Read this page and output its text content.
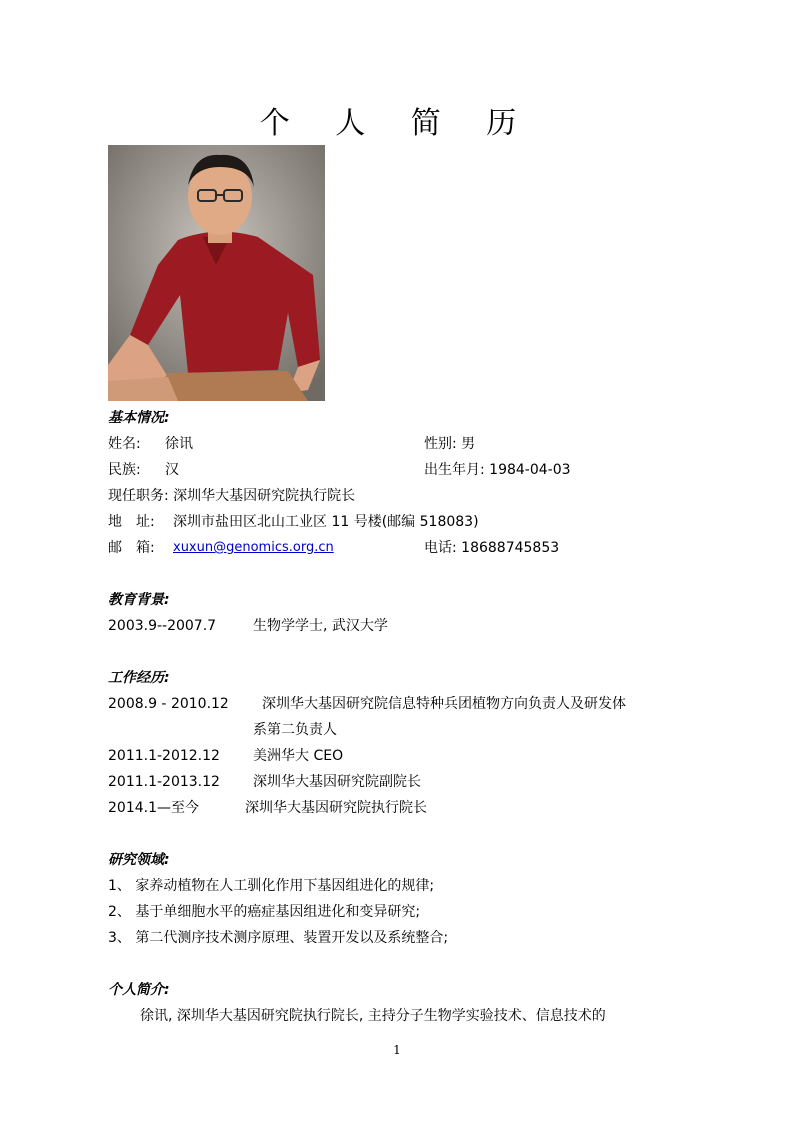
个 人 简 历
基本情况:
姓名: 徐讯	性别: 男
民族: 汉	出生年月: 1984-04-03
现任职务: 深圳华大基因研究院执行院长
地　址: 深圳市盐田区北山工业区 11 号楼(邮编 518083)
邮　箱: xuxun@genomics.org.cn	电话: 18688745853
教育背景:
2003.9--2007.7	生物学学士, 武汉大学
工作经历:
2008.9 - 2010.12 深圳华大基因研究院信息特种兵团植物方向负责人及研发体
系第二负责人
2011.1-2012.12 美洲华大 CEO
2011.1-2013.12 深圳华大基因研究院副院长
2014.1—至今	深圳华大基因研究院执行院长
研究领域:
1、 家养动植物在人工驯化作用下基因组进化的规律;
2、 基于单细胞水平的癌症基因组进化和变异研究;
3、 第二代测序技术测序原理、装置开发以及系统整合;
个人简介:
徐讯, 深圳华大基因研究院执行院长, 主持分子生物学实验技术、信息技术的
1
